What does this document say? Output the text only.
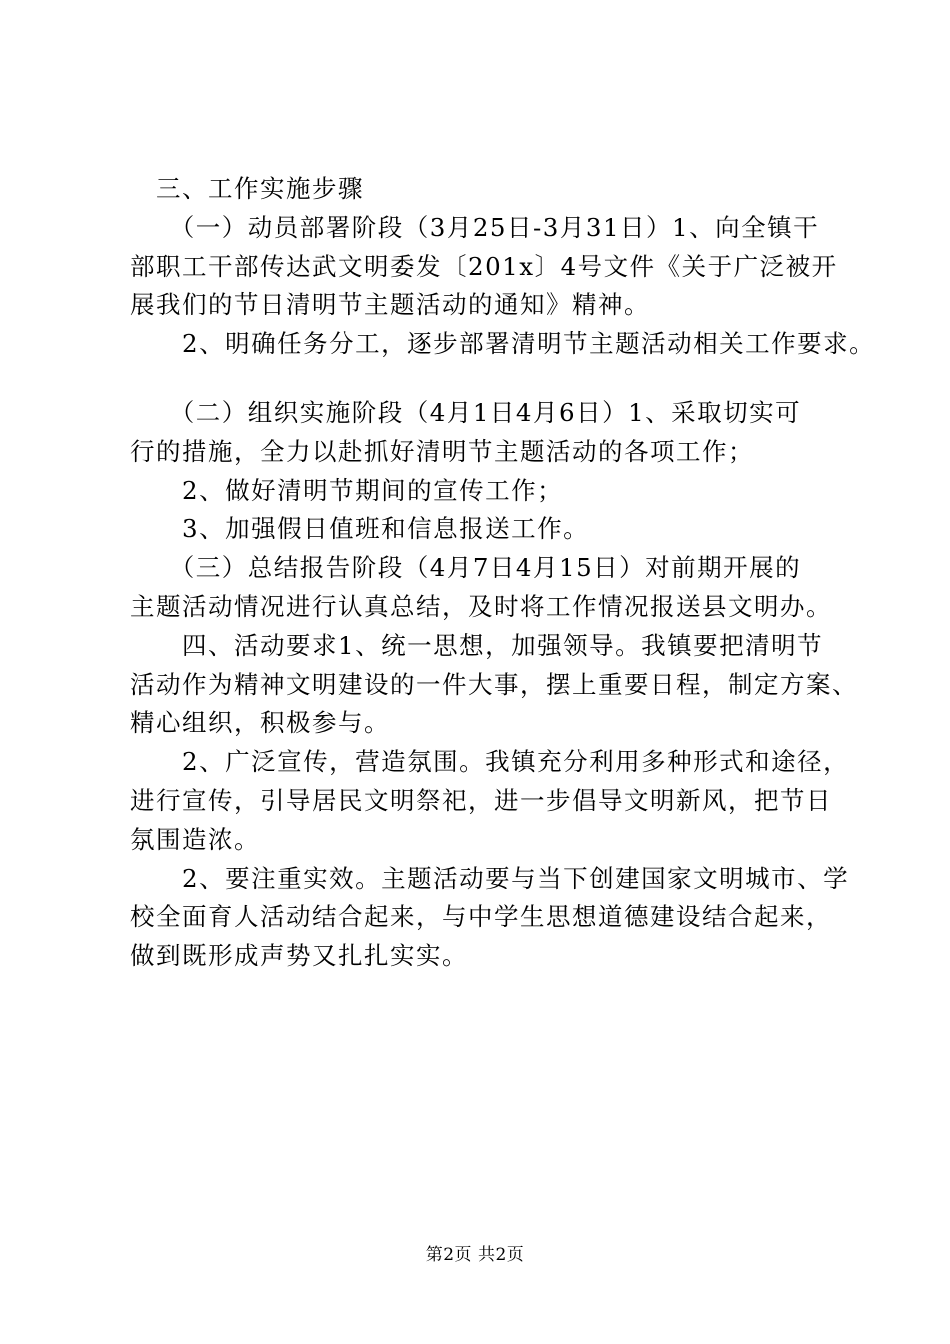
　三、工作实施步骤
　　（一）动员部署阶段（3月25日-3月31日）1、向全镇干
部职工干部传达武文明委发〔201x〕4号文件《关于广泛被开
展我们的节日清明节主题活动的通知》精神。
　　2、明确任务分工，逐步部署清明节主题活动相关工作要求。
　　（二）组织实施阶段（4月1日4月6日）1、采取切实可
行的措施，全力以赴抓好清明节主题活动的各项工作；
　　2、做好清明节期间的宣传工作；
　　3、加强假日值班和信息报送工作。
　　（三）总结报告阶段（4月7日4月15日）对前期开展的
主题活动情况进行认真总结，及时将工作情况报送县文明办。
　　四、活动要求1、统一思想，加强领导。我镇要把清明节
活动作为精神文明建设的一件大事，摆上重要日程，制定方案、
精心组织，积极参与。
　　2、广泛宣传，营造氛围。我镇充分利用多种形式和途径，
进行宣传，引导居民文明祭祀，进一步倡导文明新风，把节日
氛围造浓。
　　2、要注重实效。主题活动要与当下创建国家文明城市、学
校全面育人活动结合起来，与中学生思想道德建设结合起来，
做到既形成声势又扎扎实实。
第2页 共2页
